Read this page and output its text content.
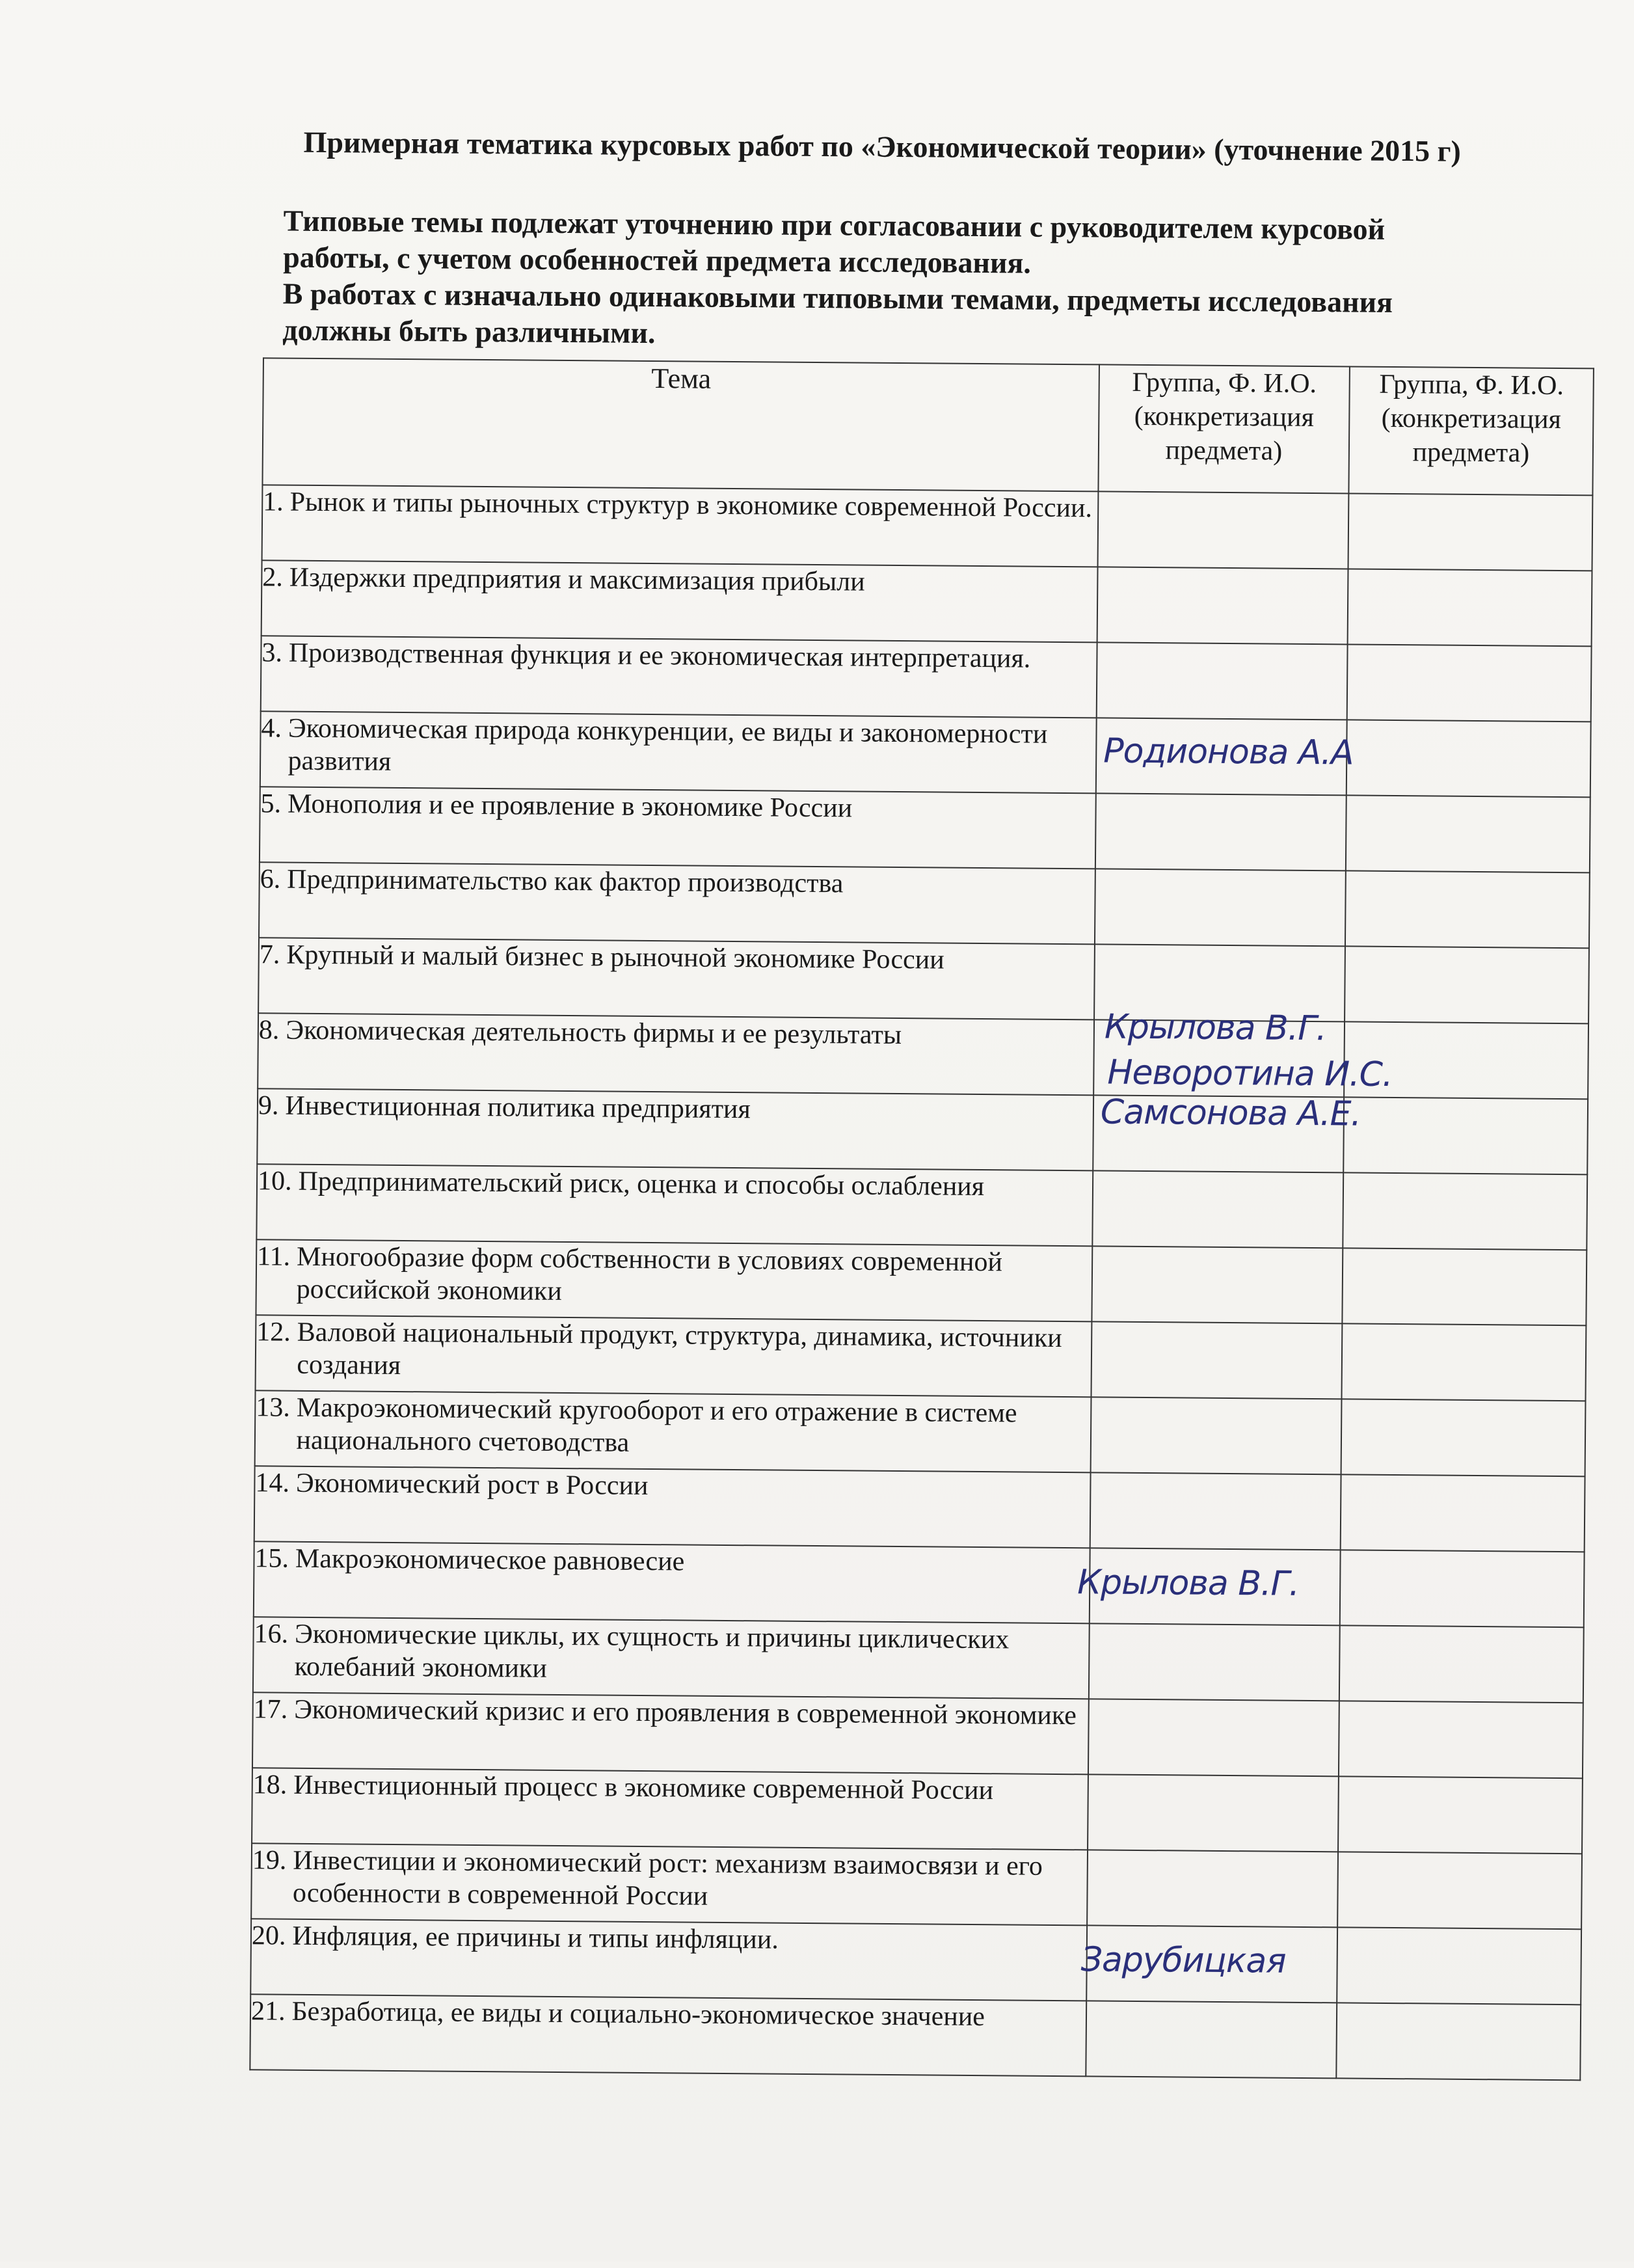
Примерная тематика курсовых работ по «Экономической теории» (уточнение 2015 г)
Типовые темы подлежат уточнению при согласовании с руководителем курсовой
работы, с учетом особенностей предмета исследования.
В работах с изначально одинаковыми типовыми темами, предметы исследования
должны быть различными.
Тема	Группа, Ф. И.О. (конкретизация предмета)	Группа, Ф. И.О. (конкретизация предмета)

1. Рынок и типы рыночных структур в экономике современной России.		

2. Издержки предприятия и максимизация прибыли		

3. Производственная функция и ее экономическая интерпретация.		

4. Экономическая природа конкуренции, ее виды и закономерности развития	Родионова А.А	

5. Монополия и ее проявление в экономике России		

6. Предпринимательство как фактор производства		

7. Крупный и малый бизнес в рыночной экономике России		

8. Экономическая деятельность фирмы и ее результаты	Крылова В.Г.
Неворотина И.С.	

9. Инвестиционная политика предприятия	Самсонова А.Е.	

10. Предпринимательский риск, оценка и способы ослабления		

11. Многообразие форм собственности в условиях современной российской экономики		

12. Валовой национальный продукт, структура, динамика, источники создания		

13. Макроэкономический кругооборот и его отражение в системе национального счетоводства		

14. Экономический рост в России		

15. Макроэкономическое равновесие	Крылова В.Г.	

16. Экономические циклы, их сущность и причины циклических колебаний экономики		

17. Экономический кризис и его проявления в современной экономике		

18. Инвестиционный процесс в экономике современной России		

19. Инвестиции и экономический рост: механизм взаимосвязи и его особенности в современной России		

20. Инфляция, ее причины и типы инфляции.	Зарубицкая	

21. Безработица, ее виды и социально-экономическое значение		
